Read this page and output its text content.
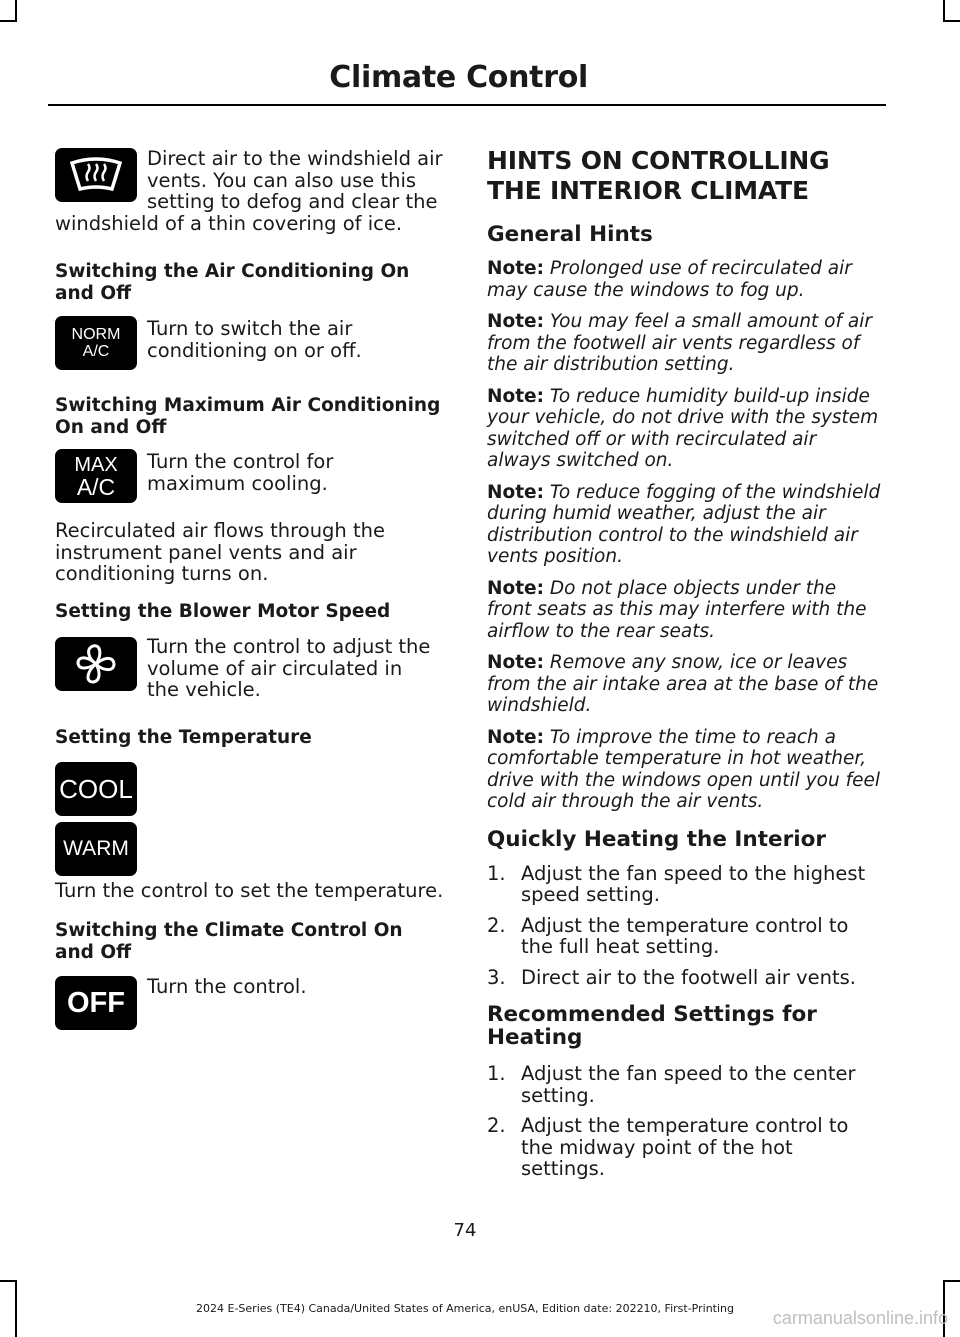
Climate Control

Direct air to the windshield air vents. You can also use this setting to defog and clear the windshield of a thin covering of ice.

Switching the Air Conditioning On and Off
NORM
A/C

Turn to switch the air conditioning on or off.

Switching Maximum Air Conditioning On and Off
MAX
A/C

Turn the control for maximum cooling.

Recirculated air flows through the instrument panel vents and air conditioning turns on.

Setting the Blower Motor Speed

Turn the control to adjust the volume of air circulated in the vehicle.

Setting the Temperature
COOL
WARM

Turn the control to set the temperature.

Switching the Climate Control On and Off
OFF Turn the control.

HINTS ON CONTROLLING THE INTERIOR CLIMATE
General Hints

Note: Prolonged use of recirculated air may cause the windows to fog up.

Note: You may feel a small amount of air from the footwell air vents regardless of the air distribution setting.

Note: To reduce humidity build-up inside your vehicle, do not drive with the system switched off or with recirculated air always switched on.

Note: To reduce fogging of the windshield during humid weather, adjust the air distribution control to the windshield air vents position.

Note: Do not place objects under the front seats as this may interfere with the airflow to the rear seats.

Note: Remove any snow, ice or leaves from the air intake area at the base of the windshield.

Note: To improve the time to reach a comfortable temperature in hot weather, drive with the windows open until you feel cold air through the air vents.

Quickly Heating the Interior
1. Adjust the fan speed to the highest speed setting.
2. Adjust the temperature control to the full heat setting.
3. Direct air to the footwell air vents.
Recommended Settings for Heating
1. Adjust the fan speed to the center setting.
2. Adjust the temperature control to the midway point of the hot settings.
74
2024 E-Series (TE4) Canada/United States of America, enUSA, Edition date: 202210, First-Printing	carmanualsonline.info
